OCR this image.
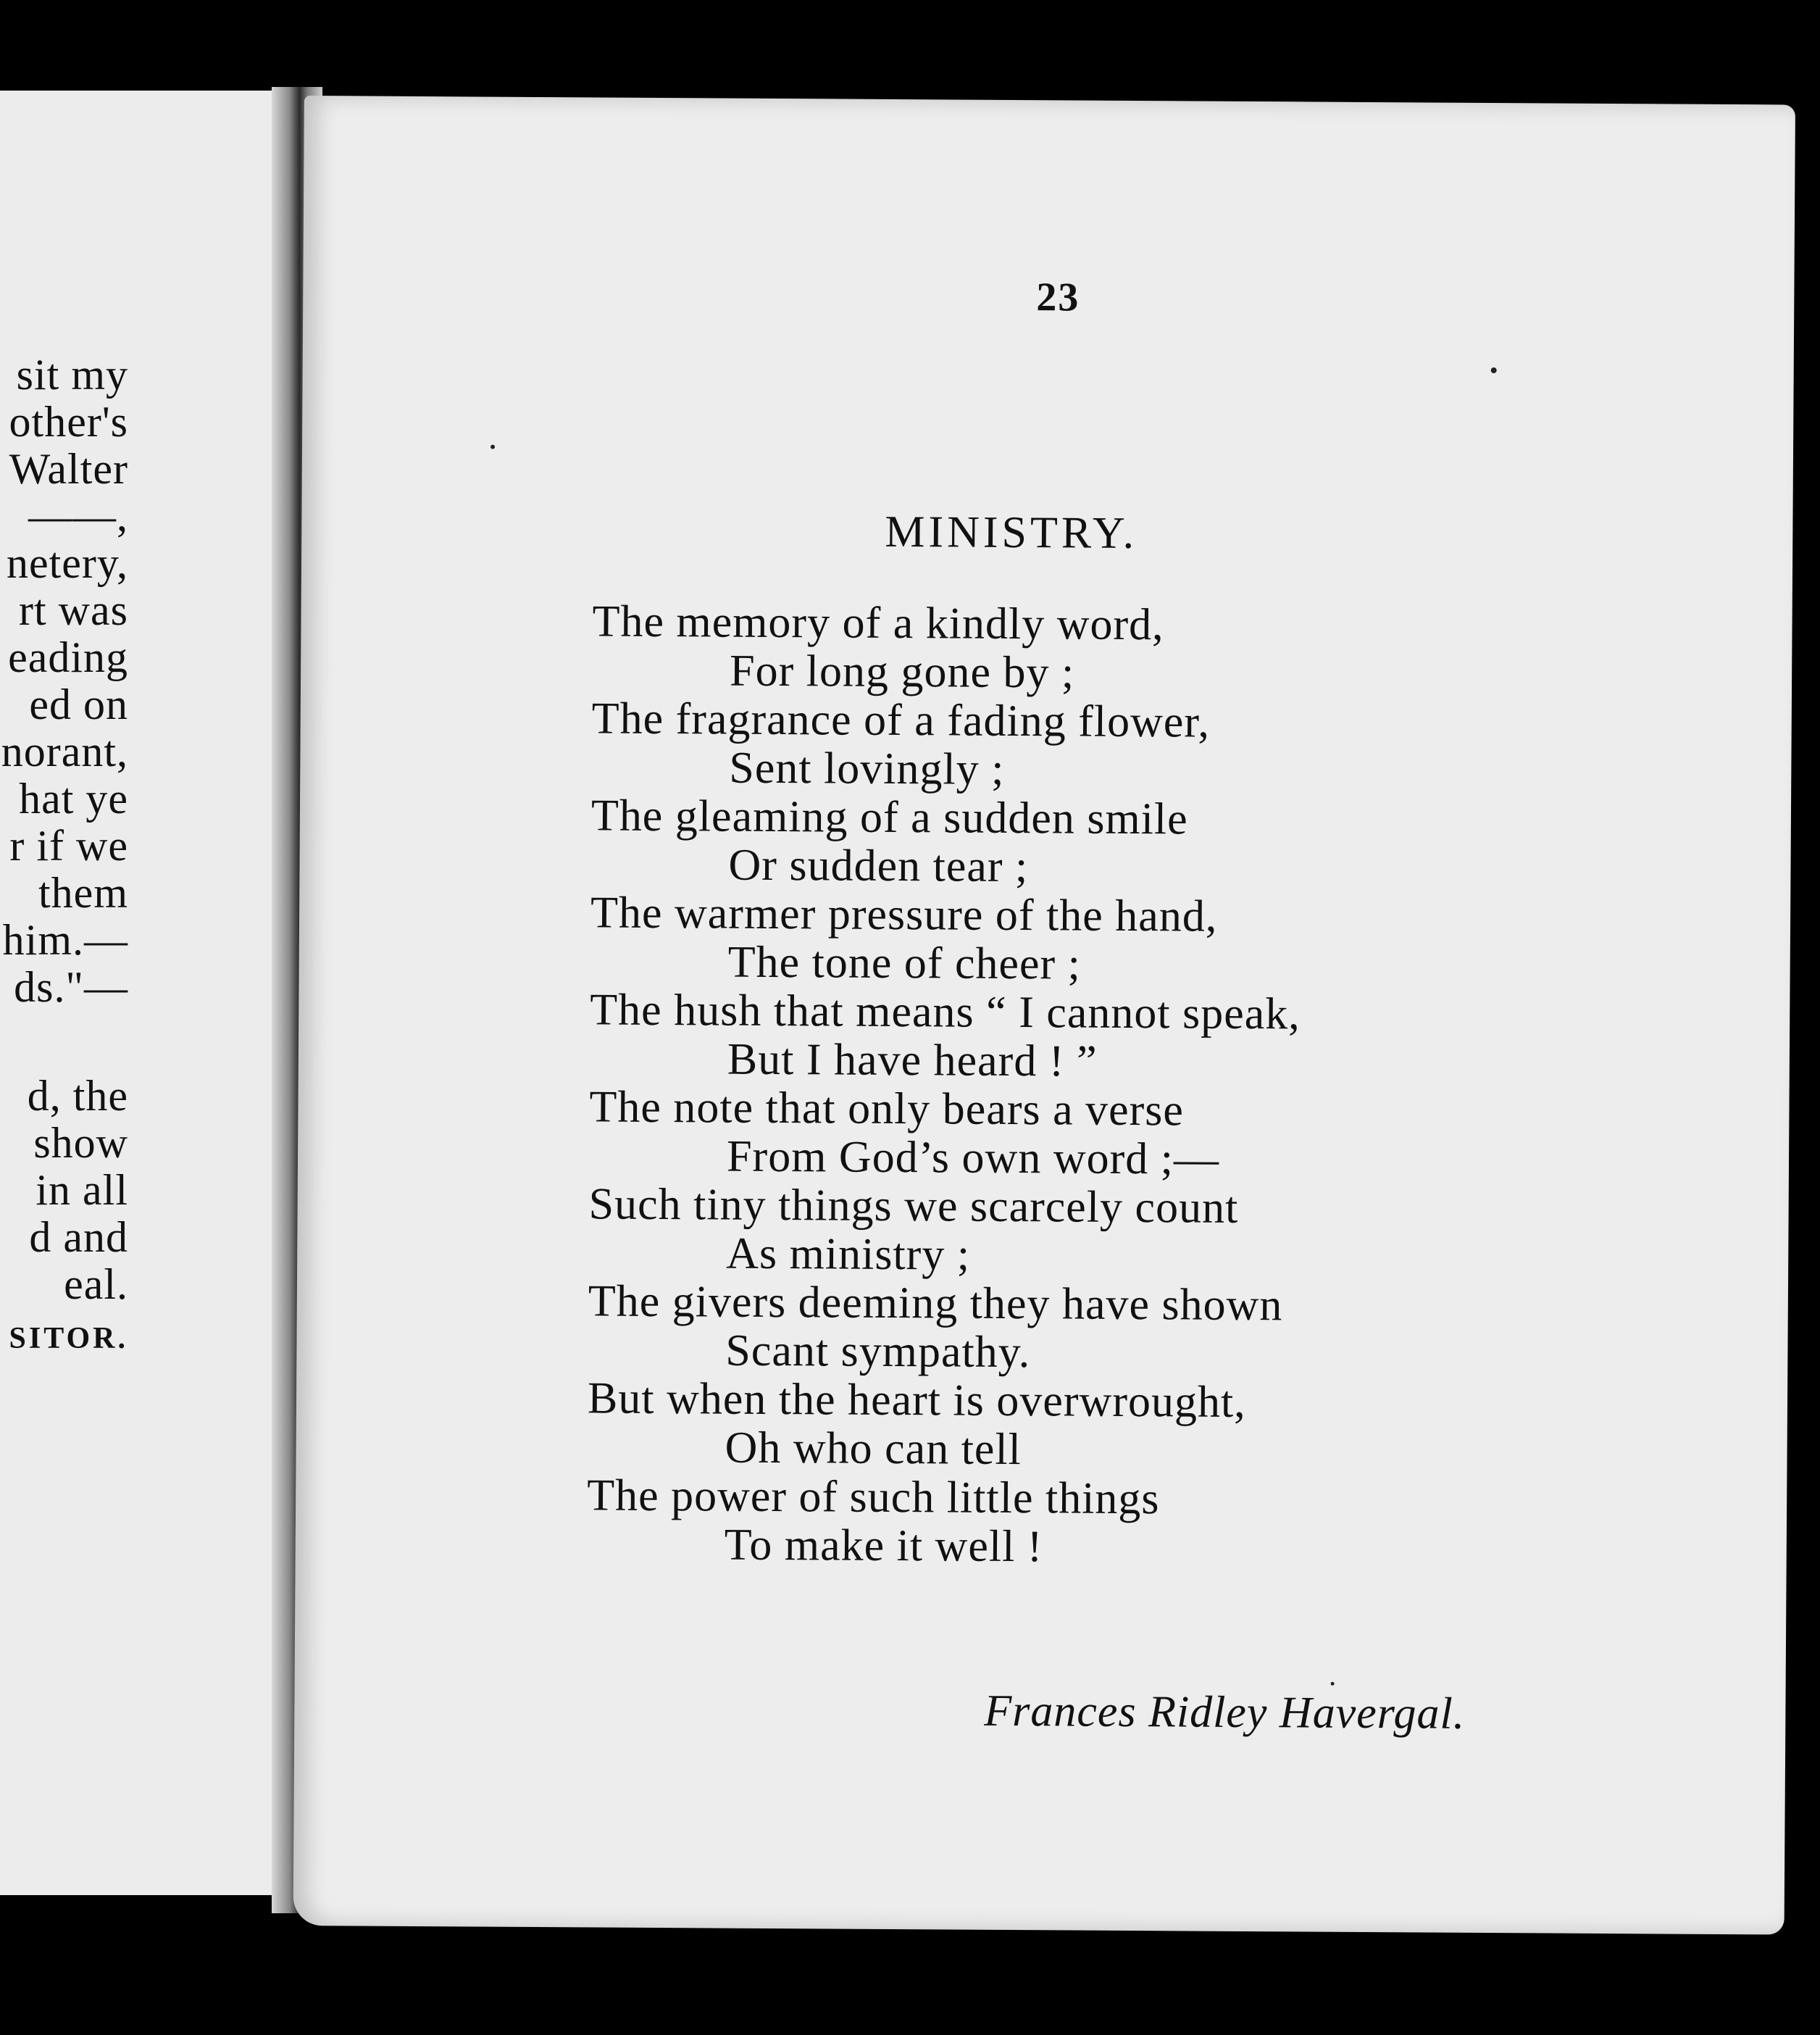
sit my
other's
Walter
——,
netery,
rt was
eading
ed on
norant,
hat ye
r if we
them
him.—
ds."—
d, the
show
in all
d and
eal.
SITOR.
23
MINISTRY.
The memory of a kindly word,
For long gone by ;
The fragrance of a fading flower,
Sent lovingly ;
The gleaming of a sudden smile
Or sudden tear ;
The warmer pressure of the hand,
The tone of cheer ;
The hush that means “ I cannot speak,
But I have heard ! ”
The note that only bears a verse
From God’s own word ;—
Such tiny things we scarcely count
As ministry ;
The givers deeming they have shown
Scant sympathy.
But when the heart is overwrought,
Oh who can tell
The power of such little things
To make it well !
Frances Ridley Havergal.
